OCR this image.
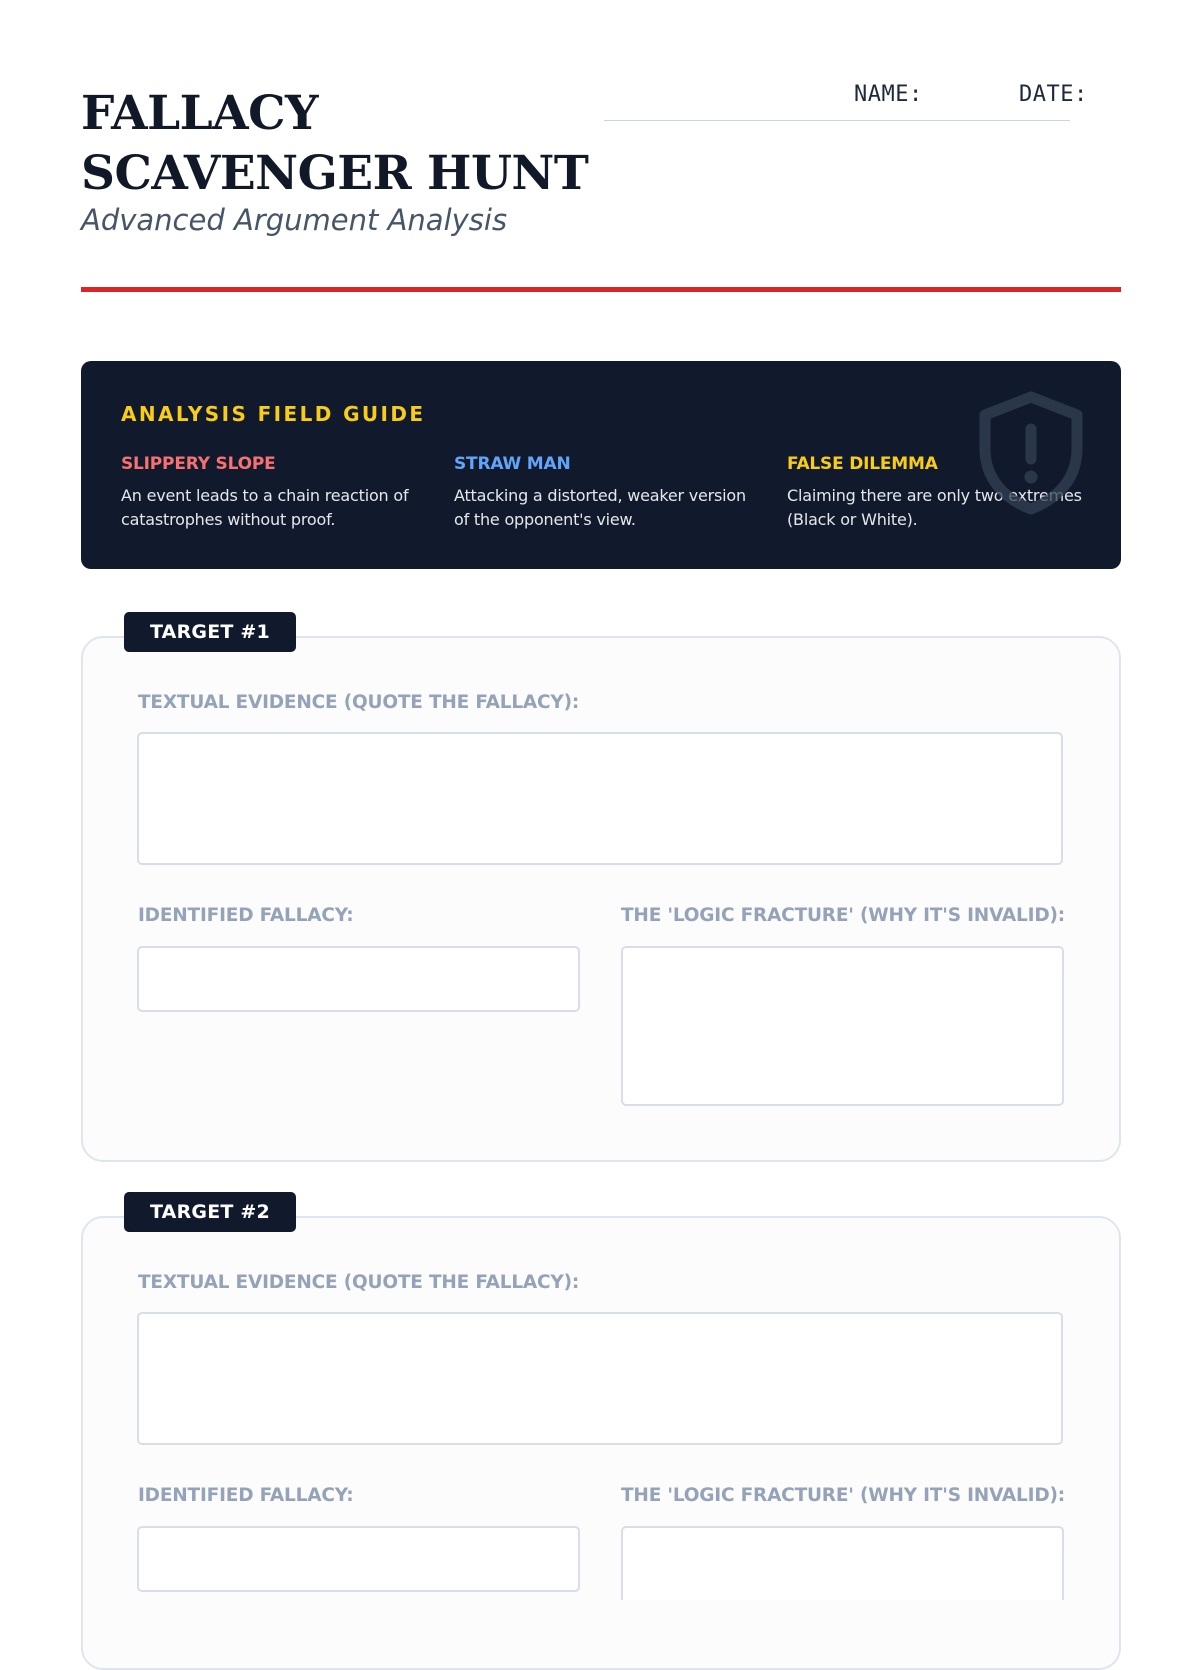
FALLACY SCAVENGER HUNT

Advanced Argument Analysis

NAME:	DATE:
ANALYSIS FIELD GUIDE
SLIPPERY SLOPE
An event leads to a chain reaction of catastrophes without proof.
STRAW MAN
Attacking a distorted, weaker version of the opponent's view.
FALSE DILEMMA
Claiming there are only two extremes (Black or White).
TARGET #1

TEXTUAL EVIDENCE (QUOTE THE FALLACY):

IDENTIFIED FALLACY:	THE 'LOGIC FRACTURE' (WHY IT'S INVALID):

TARGET #2

TEXTUAL EVIDENCE (QUOTE THE FALLACY):

IDENTIFIED FALLACY:	THE 'LOGIC FRACTURE' (WHY IT'S INVALID):
